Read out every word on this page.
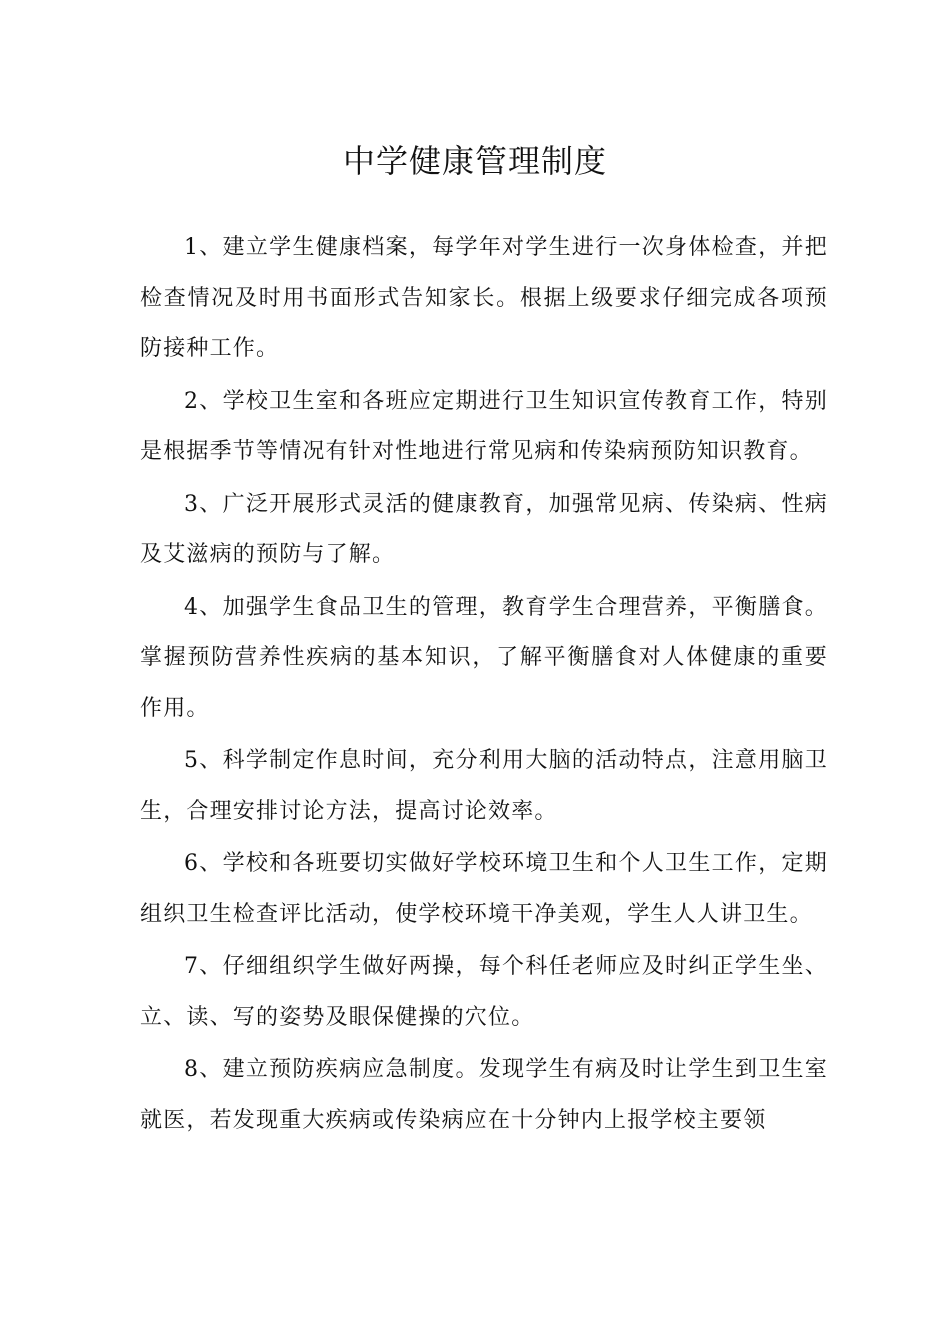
中学健康管理制度

1、建立学生健康档案，每学年对学生进行一次身体检查，并把检查情况及时用书面形式告知家长。根据上级要求仔细完成各项预防接种工作。

2、学校卫生室和各班应定期进行卫生知识宣传教育工作，特别是根据季节等情况有针对性地进行常见病和传染病预防知识教育。

3、广泛开展形式灵活的健康教育，加强常见病、传染病、性病及艾滋病的预防与了解。

4、加强学生食品卫生的管理，教育学生合理营养，平衡膳食。掌握预防营养性疾病的基本知识，了解平衡膳食对人体健康的重要作用。

5、科学制定作息时间，充分利用大脑的活动特点，注意用脑卫生，合理安排讨论方法，提高讨论效率。

6、学校和各班要切实做好学校环境卫生和个人卫生工作，定期组织卫生检查评比活动，使学校环境干净美观，学生人人讲卫生。

7、仔细组织学生做好两操，每个科任老师应及时纠正学生坐、立、读、写的姿势及眼保健操的穴位。

8、建立预防疾病应急制度。发现学生有病及时让学生到卫生室就医，若发现重大疾病或传染病应在十分钟内上报学校主要领
